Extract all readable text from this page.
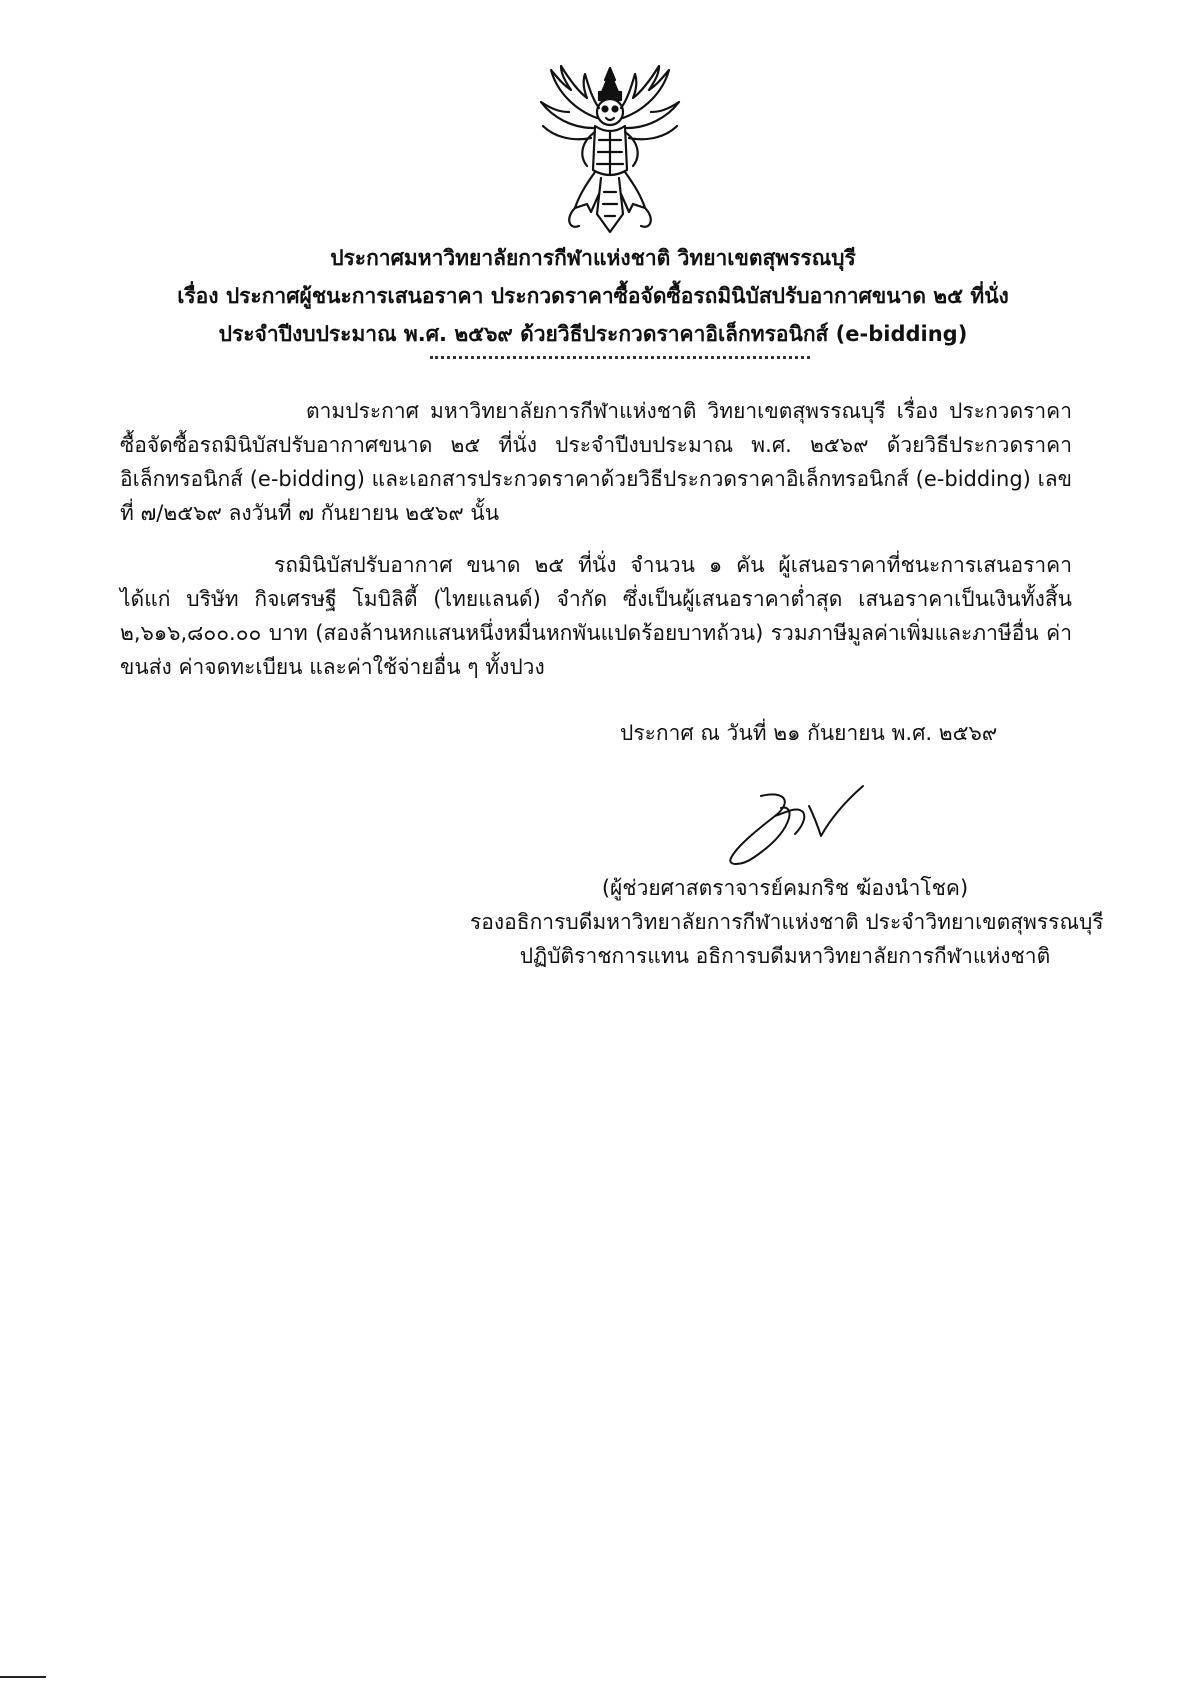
ประกาศมหาวิทยาลัยการกีฬาแห่งชาติ วิทยาเขตสุพรรณบุรี
เรื่อง ประกาศผู้ชนะการเสนอราคา ประกวดราคาซื้อจัดซื้อรถมินิบัสปรับอากาศขนาด ๒๕ ที่นั่ง
ประจำปีงบประมาณ พ.ศ. ๒๕๖๙ ด้วยวิธีประกวดราคาอิเล็กทรอนิกส์ (e-bidding)
ตามประกาศ มหาวิทยาลัยการกีฬาแห่งชาติ วิทยาเขตสุพรรณบุรี เรื่อง ประกวดราคาซื้อจัดซื้อรถมินิบัสปรับอากาศขนาด ๒๕ ที่นั่ง ประจำปีงบประมาณ พ.ศ. ๒๕๖๙ ด้วยวิธีประกวดราคาอิเล็กทรอนิกส์ (e-bidding) และเอกสารประกวดราคาด้วยวิธีประกวดราคาอิเล็กทรอนิกส์ (e-bidding) เลขที่ ๗/๒๕๖๙ ลงวันที่ ๗ กันยายน ๒๕๖๙ นั้น
รถมินิบัสปรับอากาศ ขนาด ๒๕ ที่นั่ง จำนวน ๑ คัน ผู้เสนอราคาที่ชนะการเสนอราคา ได้แก่ บริษัท กิจเศรษฐี โมบิลิตี้ (ไทยแลนด์) จำกัด ซึ่งเป็นผู้เสนอราคาต่ำสุด เสนอราคาเป็นเงินทั้งสิ้น ๒,๖๑๖,๘๐๐.๐๐ บาท (สองล้านหกแสนหนึ่งหมื่นหกพันแปดร้อยบาทถ้วน) รวมภาษีมูลค่าเพิ่มและภาษีอื่น ค่าขนส่ง ค่าจดทะเบียน และค่าใช้จ่ายอื่น ๆ ทั้งปวง
ประกาศ ณ วันที่ ๒๑ กันยายน พ.ศ. ๒๕๖๙
(ผู้ช่วยศาสตราจารย์คมกริช ฆ้องนำโชค)
รองอธิการบดีมหาวิทยาลัยการกีฬาแห่งชาติ ประจำวิทยาเขตสุพรรณบุรี
ปฏิบัติราชการแทน อธิการบดีมหาวิทยาลัยการกีฬาแห่งชาติ
